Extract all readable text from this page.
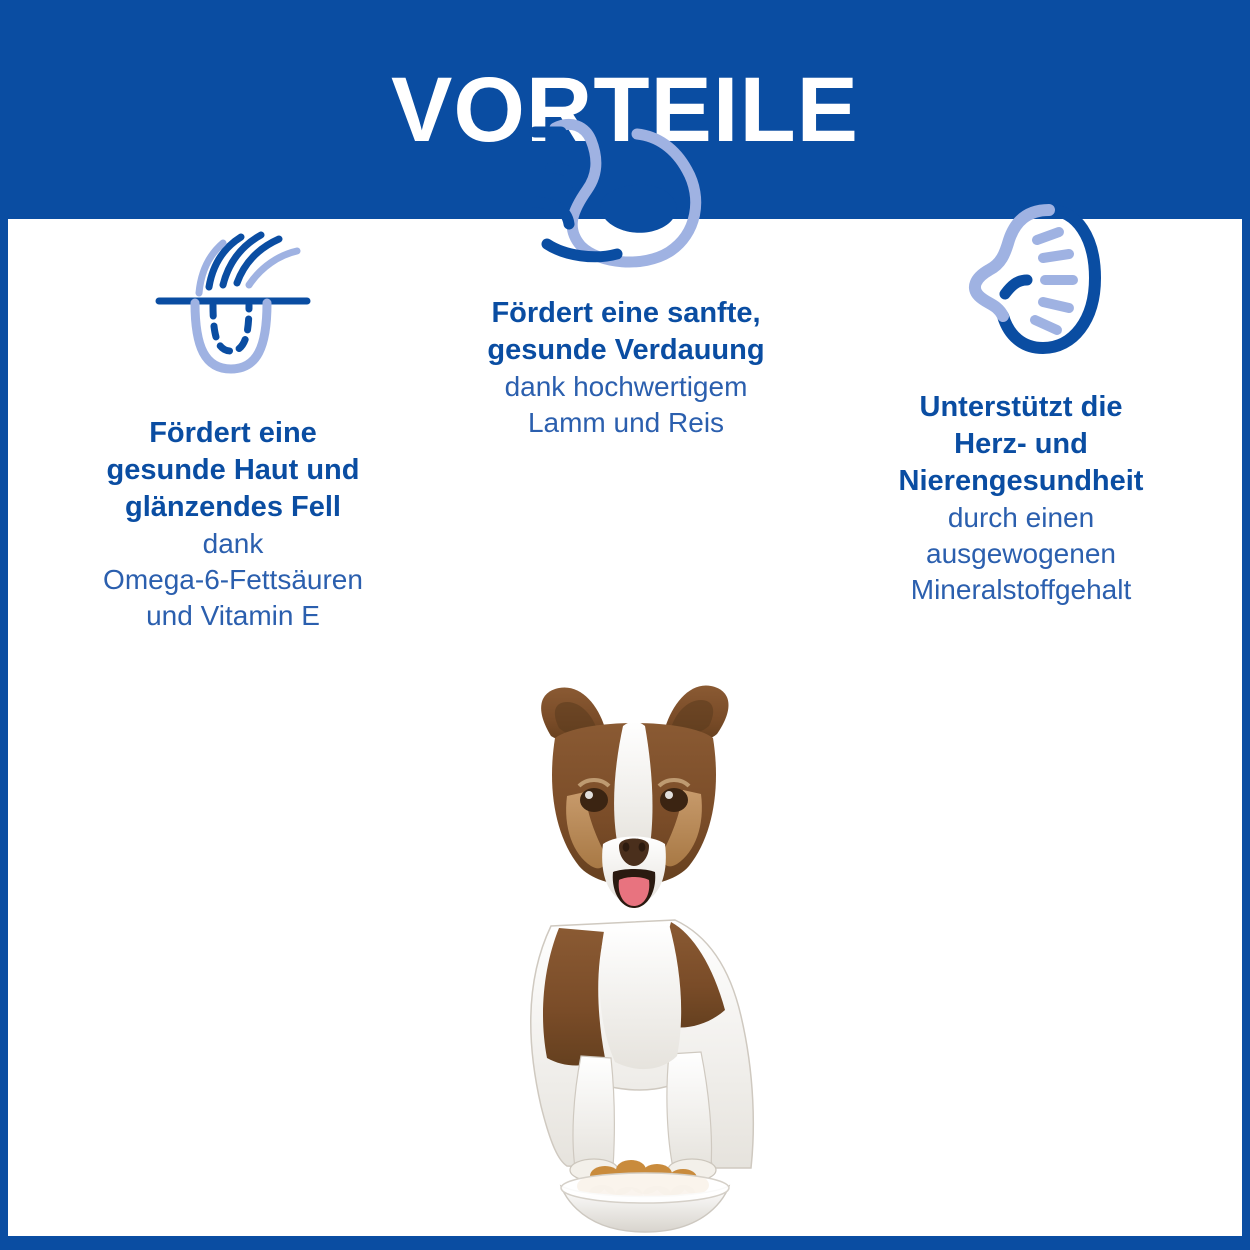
VORTEILE
Fördert eine
gesunde Haut und
glänzendes Fell
dank
Omega-6-Fettsäuren
und Vitamin E
Fördert eine sanfte,
gesunde Verdauung
dank hochwertigem
Lamm und Reis	Unterstützt die
Herz- und
Nierengesundheit
durch einen
ausgewogenen
Mineralstoffgehalt
